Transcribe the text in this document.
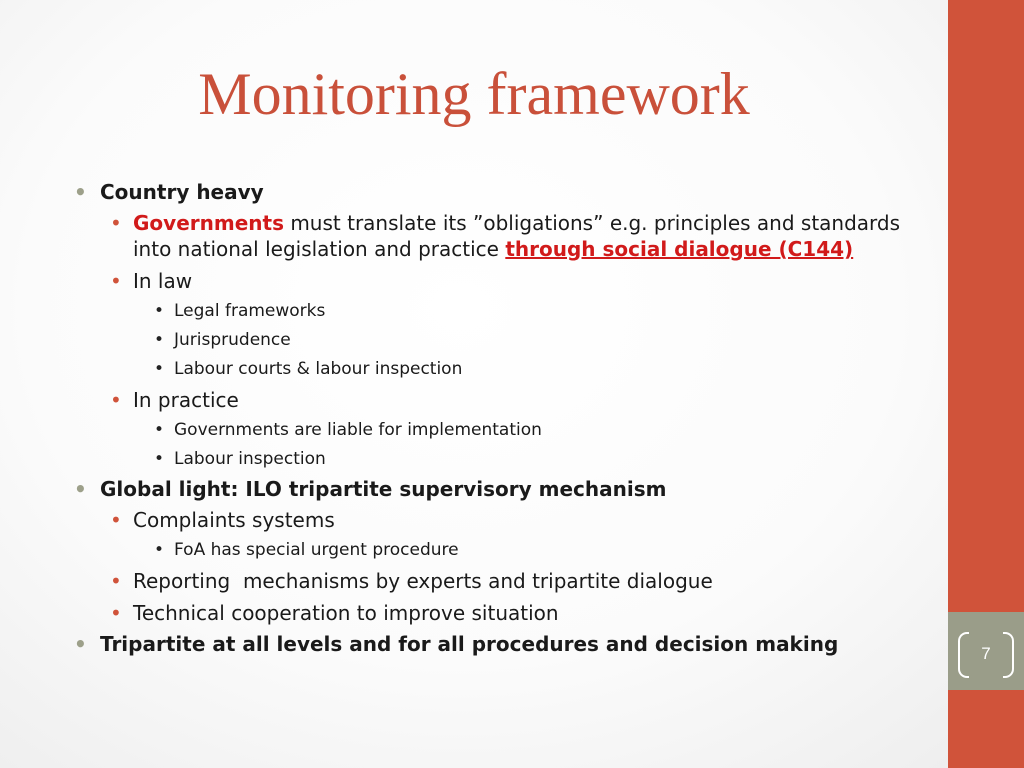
7
Monitoring framework
• Country heavy
• Governments must translate its ”obligations” e.g. principles and standards into national legislation and practice through social dialogue (C144)
• In law
• Legal frameworks
• Jurisprudence
• Labour courts & labour inspection
• In practice
• Governments are liable for implementation
• Labour inspection
• Global light: ILO tripartite supervisory mechanism
• Complaints systems
• FoA has special urgent procedure
• Reporting  mechanisms by experts and tripartite dialogue
• Technical cooperation to improve situation
• Tripartite at all levels and for all procedures and decision making
